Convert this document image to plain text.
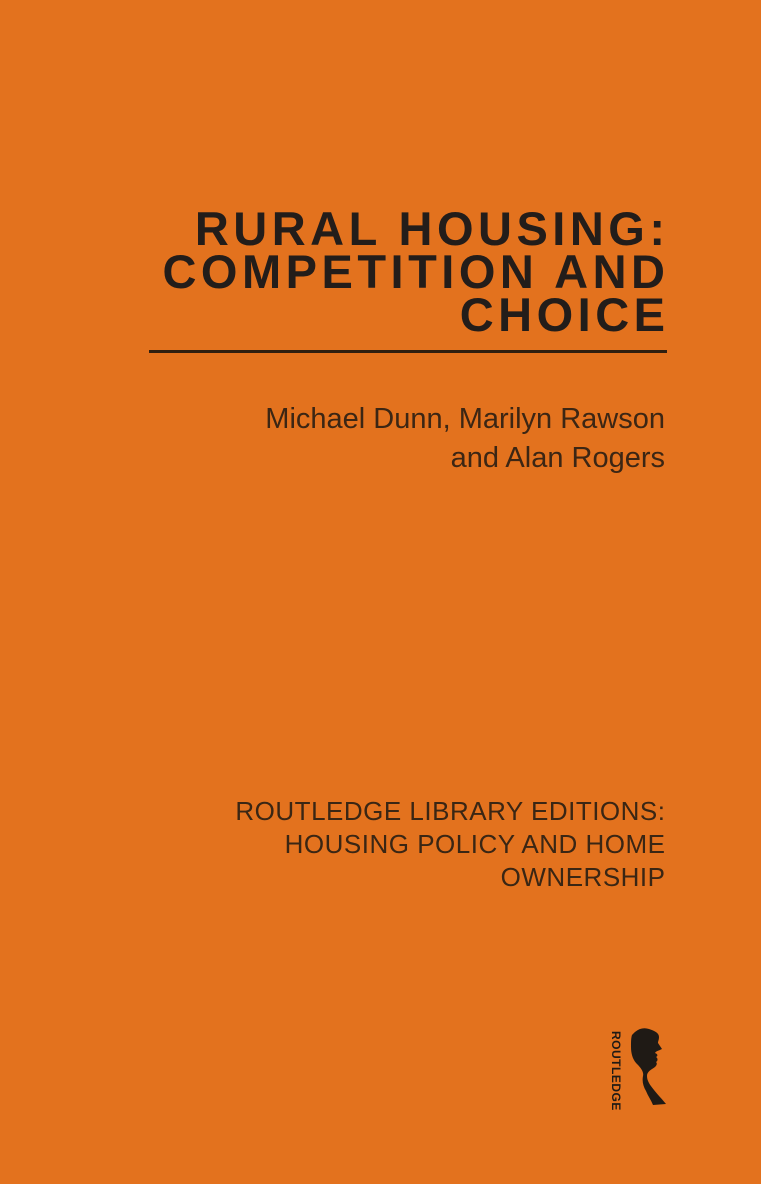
RURAL HOUSING:
COMPETITION AND
CHOICE

Michael Dunn, Marilyn Rawson
and Alan Rogers

ROUTLEDGE LIBRARY EDITIONS:
HOUSING POLICY AND HOME
OWNERSHIP

ROUTLEDGE
